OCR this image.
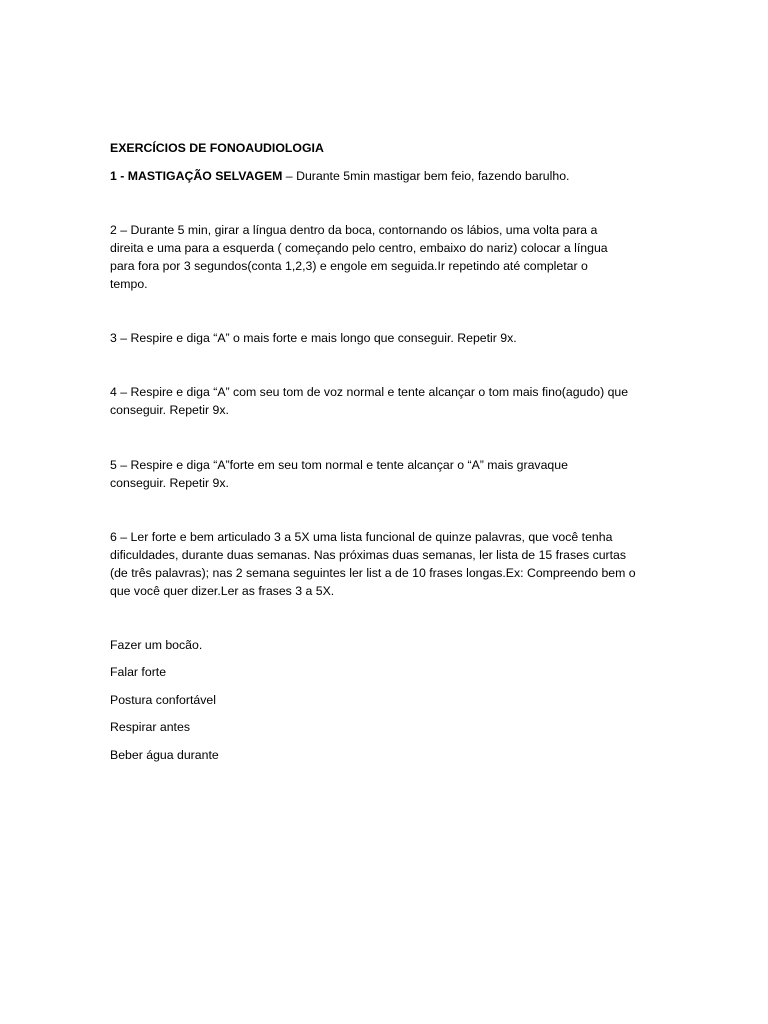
EXERCÍCIOS DE FONOAUDIOLOGIA
1 - MASTIGAÇÃO SELVAGEM – Durante 5min mastigar bem feio, fazendo barulho.
2 – Durante 5 min, girar a língua dentro da boca, contornando os lábios, uma volta para a
direita e uma para a esquerda ( começando pelo centro, embaixo do nariz) colocar a língua
para fora por 3 segundos(conta 1,2,3) e engole em seguida.Ir repetindo até completar o
tempo.
3 – Respire e diga “A” o mais forte e mais longo que conseguir. Repetir 9x.
4 – Respire e diga “A” com seu tom de voz normal e tente alcançar o tom mais fino(agudo) que
conseguir. Repetir 9x.
5 – Respire e diga “A”forte em seu tom normal e tente alcançar o “A” mais gravaque
conseguir. Repetir 9x.
6 – Ler forte e bem articulado 3 a 5X uma lista funcional de quinze palavras, que você tenha
dificuldades, durante duas semanas. Nas próximas duas semanas, ler lista de 15 frases curtas
(de três palavras); nas 2 semana seguintes ler list a de 10 frases longas.Ex: Compreendo bem o
que você quer dizer.Ler as frases 3 a 5X.
Fazer um bocão.
Falar forte
Postura confortável
Respirar antes
Beber água durante
